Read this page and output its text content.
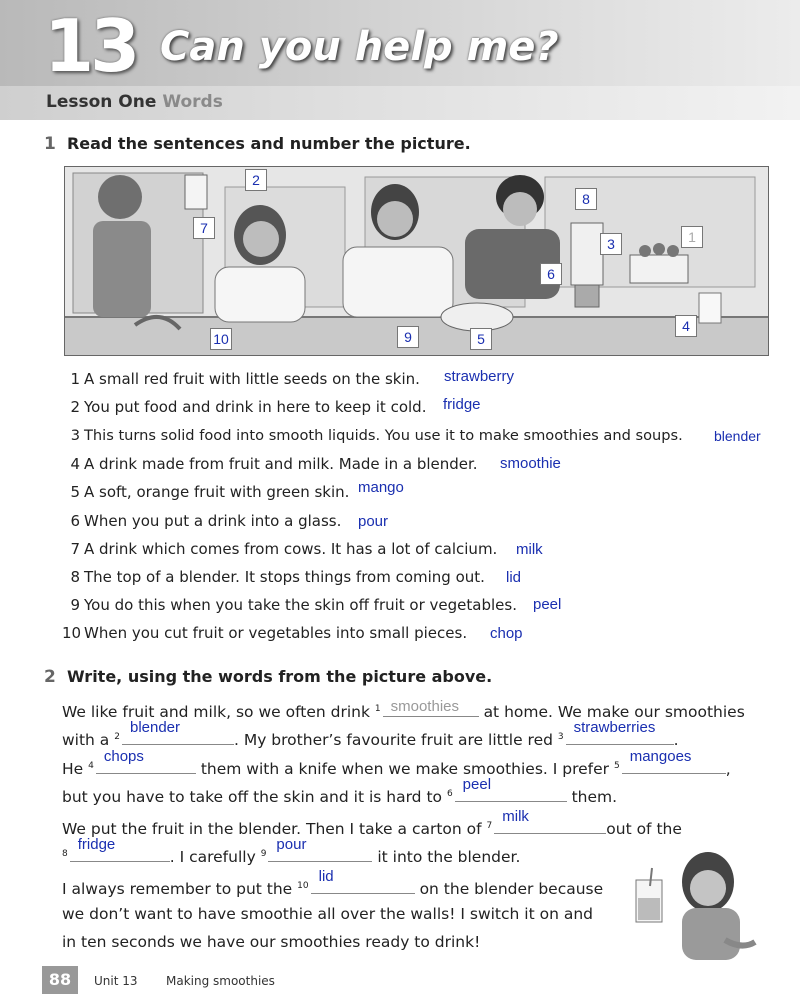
13 Can you help me?
Lesson One Words
1 Read the sentences and number the picture.
2
7
8
3	1
6
4
10	9	5
1 A small red fruit with little seeds on the skin. strawberry
2 You put food and drink in here to keep it cold. fridge
3 This turns solid food into smooth liquids. You use it to make smoothies and soups. blender
4 A drink made from fruit and milk. Made in a blender. smoothie
5 A soft, orange fruit with green skin. mango
6 When you put a drink into a glass. pour
7 A drink which comes from cows. It has a lot of calcium. milk
8 The top of a blender. It stops things from coming out. lid
9 You do this when you take the skin off fruit or vegetables. peel
10 When you cut fruit or vegetables into small pieces. chop
2 Write, using the words from the picture above.
We like fruit and milk, so we often drink $^1$ smoothies at home. We make our smoothies
with a $^2$
blender
. My brother’s favourite fruit are little red $^3$
strawberries
.
He $^4$
chops
them with a knife when we make smoothies. I prefer $^5$
mangoes
,
but you have to take off the skin and it is hard to $^6$
peel
them.
We put the fruit in the blender. Then I take a carton of $^7$
milk
out of the
$^8$
fridge
. I carefully $^9$
pour
it into the blender.
I always remember to put the $^{10}$
lid
on the blender because
we don’t want to have smoothie all over the walls! I switch it on and
in ten seconds we have our smoothies ready to drink!
88	Unit 13 Making smoothies
